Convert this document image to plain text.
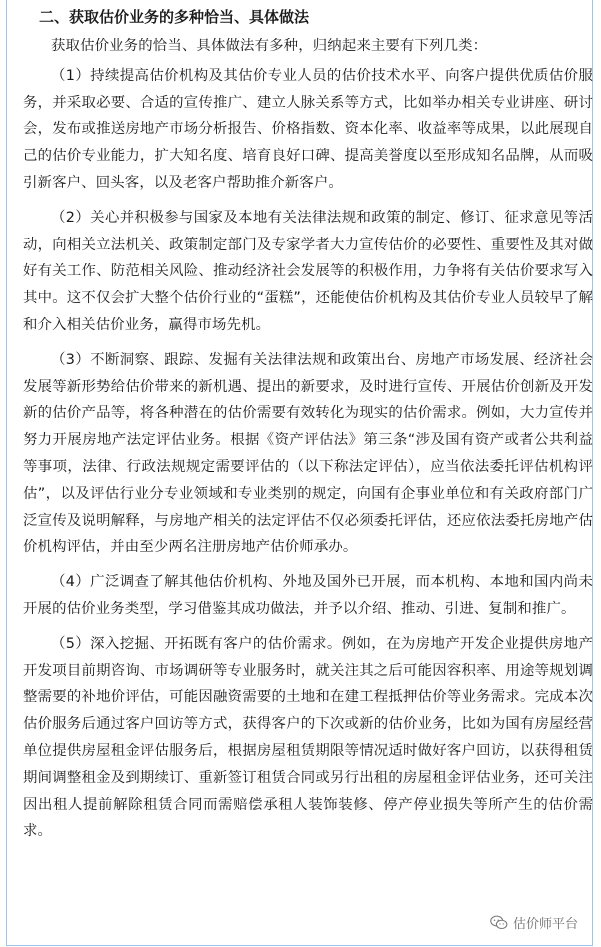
二、获取估价业务的多种恰当、具体做法

获取估价业务的恰当、具体做法有多种，归纳起来主要有下列几类：

（1）持续提高估价机构及其估价专业人员的估价技术水平、向客户提供优质估价服务，并采取必要、合适的宣传推广、建立人脉关系等方式，比如举办相关专业讲座、研讨会，发布或推送房地产市场分析报告、价格指数、资本化率、收益率等成果，以此展现自己的估价专业能力，扩大知名度、培育良好口碑、提高美誉度以至形成知名品牌，从而吸引新客户、回头客，以及老客户帮助推介新客户。

（2）关心并积极参与国家及本地有关法律法规和政策的制定、修订、征求意见等活动，向相关立法机关、政策制定部门及专家学者大力宣传估价的必要性、重要性及其对做好有关工作、防范相关风险、推动经济社会发展等的积极作用，力争将有关估价要求写入其中。这不仅会扩大整个估价行业的“蛋糕”，还能使估价机构及其估价专业人员较早了解和介入相关估价业务，赢得市场先机。

（3）不断洞察、跟踪、发掘有关法律法规和政策出台、房地产市场发展、经济社会发展等新形势给估价带来的新机遇、提出的新要求，及时进行宣传、开展估价创新及开发新的估价产品等，将各种潜在的估价需要有效转化为现实的估价需求。例如，大力宣传并努力开展房地产法定评估业务。根据《资产评估法》第三条“涉及国有资产或者公共利益等事项，法律、行政法规规定需要评估的（以下称法定评估），应当依法委托评估机构评估”，以及评估行业分专业领域和专业类别的规定，向国有企事业单位和有关政府部门广泛宣传及说明解释，与房地产相关的法定评估不仅必须委托评估，还应依法委托房地产估价机构评估，并由至少两名注册房地产估价师承办。

（4）广泛调查了解其他估价机构、外地及国外已开展，而本机构、本地和国内尚未开展的估价业务类型，学习借鉴其成功做法，并予以介绍、推动、引进、复制和推广。

（5）深入挖掘、开拓既有客户的估价需求。例如，在为房地产开发企业提供房地产开发项目前期咨询、市场调研等专业服务时，就关注其之后可能因容积率、用途等规划调整需要的补地价评估，可能因融资需要的土地和在建工程抵押估价等业务需求。完成本次估价服务后通过客户回访等方式，获得客户的下次或新的估价业务，比如为国有房屋经营单位提供房屋租金评估服务后，根据房屋租赁期限等情况适时做好客户回访，以获得租赁期间调整租金及到期续订、重新签订租赁合同或另行出租的房屋租金评估业务，还可关注因出租人提前解除租赁合同而需赔偿承租人装饰装修、停产停业损失等所产生的估价需求。

估价师平台
